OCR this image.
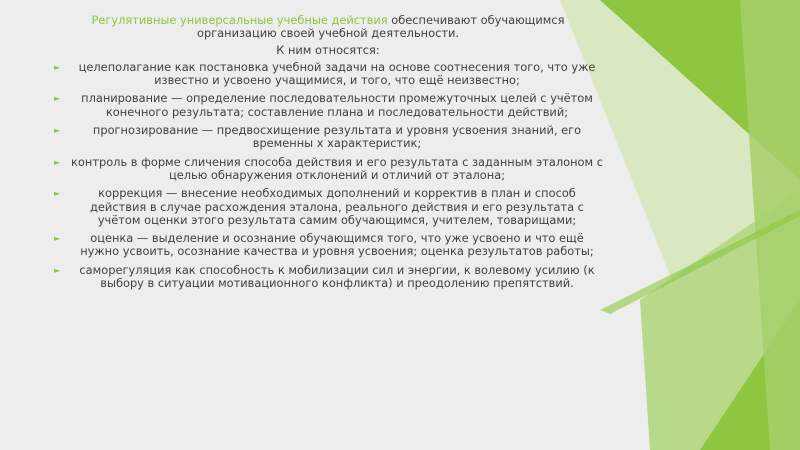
Регулятивные универсальные учебные действия обеспечивают обучающимся организацию своей учебной деятельности.

К ним относятся:

► целеполагание как постановка учебной задачи на основе соотнесения того, что уже известно и усвоено учащимися, и того, что ещё неизвестно;
► планирование — определение последовательности промежуточных целей с учётом конечного результата; составление плана и последовательности действий;
►	прогнозирование — предвосхищение результата и уровня усвоения знаний, его временны х характеристик;
► контроль в форме сличения способа действия и его результата с заданным эталоном с целью обнаружения отклонений и отличий от эталона;
►	коррекция — внесение необходимых дополнений и корректив в план и способ действия в случае расхождения эталона, реального действия и его результата с учётом оценки этого результата самим обучающимся, учителем, товарищами;
►	оценка — выделение и осознание обучающимся того, что уже усвоено и что ещё нужно усвоить, осознание качества и уровня усвоения; оценка результатов работы;
► саморегуляция как способность к мобилизации сил и энергии, к волевому усилию (к выбору в ситуации мотивационного конфликта) и преодолению препятствий.
